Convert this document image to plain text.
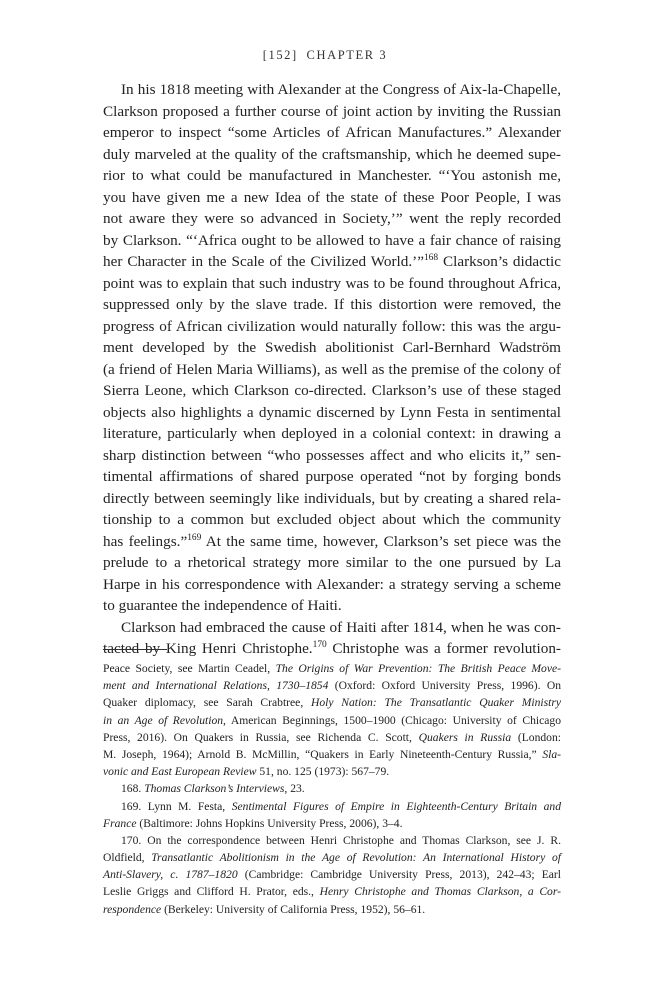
[152] CHAPTER 3

In his 1818 meeting with Alexander at the Congress of Aix-la-Chapelle,
Clarkson proposed a further course of joint action by inviting the Russian
emperor to inspect “some Articles of African Manufactures.” Alexander
duly marveled at the quality of the craftsmanship, which he deemed supe-
rior to what could be manufactured in Manchester. “‘You astonish me,
you have given me a new Idea of the state of these Poor People, I was
not aware they were so advanced in Society,’” went the reply recorded
by Clarkson. “‘Africa ought to be allowed to have a fair chance of raising
her Character in the Scale of the Civilized World.’”$^{168}$ Clarkson’s didactic
point was to explain that such industry was to be found throughout Africa,
suppressed only by the slave trade. If this distortion were removed, the
progress of African civilization would naturally follow: this was the argu-
ment developed by the Swedish abolitionist Carl-Bernhard Wadström
(a friend of Helen Maria Williams), as well as the premise of the colony of
Sierra Leone, which Clarkson co-directed. Clarkson’s use of these staged
objects also highlights a dynamic discerned by Lynn Festa in sentimental
literature, particularly when deployed in a colonial context: in drawing a
sharp distinction between “who possesses affect and who elicits it,” sen-
timental affirmations of shared purpose operated “not by forging bonds
directly between seemingly like individuals, but by creating a shared rela-
tionship to a common but excluded object about which the community
has feelings.”$^{169}$ At the same time, however, Clarkson’s set piece was the
prelude to a rhetorical strategy more similar to the one pursued by La
Harpe in his correspondence with Alexander: a strategy serving a scheme
to guarantee the independence of Haiti.
Clarkson had embraced the cause of Haiti after 1814, when he was con-
tacted by King Henri Christophe.$^{170}$ Christophe was a former revolution-
Peace Society, see Martin Ceadel, The Origins of War Prevention: The British Peace Move-
ment and International Relations, 1730–1854 (Oxford: Oxford University Press, 1996). On
Quaker diplomacy, see Sarah Crabtree, Holy Nation: The Transatlantic Quaker Ministry
in an Age of Revolution, American Beginnings, 1500–1900 (Chicago: University of Chicago
Press, 2016). On Quakers in Russia, see Richenda C. Scott, Quakers in Russia (London:
M. Joseph, 1964); Arnold B. McMillin, “Quakers in Early Nineteenth-Century Russia,” Sla-
vonic and East European Review 51, no. 125 (1973): 567–79.
168. Thomas Clarkson’s Interviews, 23.
169. Lynn M. Festa, Sentimental Figures of Empire in Eighteenth-Century Britain and
France (Baltimore: Johns Hopkins University Press, 2006), 3–4.
170. On the correspondence between Henri Christophe and Thomas Clarkson, see J. R.
Oldfield, Transatlantic Abolitionism in the Age of Revolution: An International History of
Anti-Slavery, c. 1787–1820 (Cambridge: Cambridge University Press, 2013), 242–43; Earl
Leslie Griggs and Clifford H. Prator, eds., Henry Christophe and Thomas Clarkson, a Cor-
respondence (Berkeley: University of California Press, 1952), 56–61.
